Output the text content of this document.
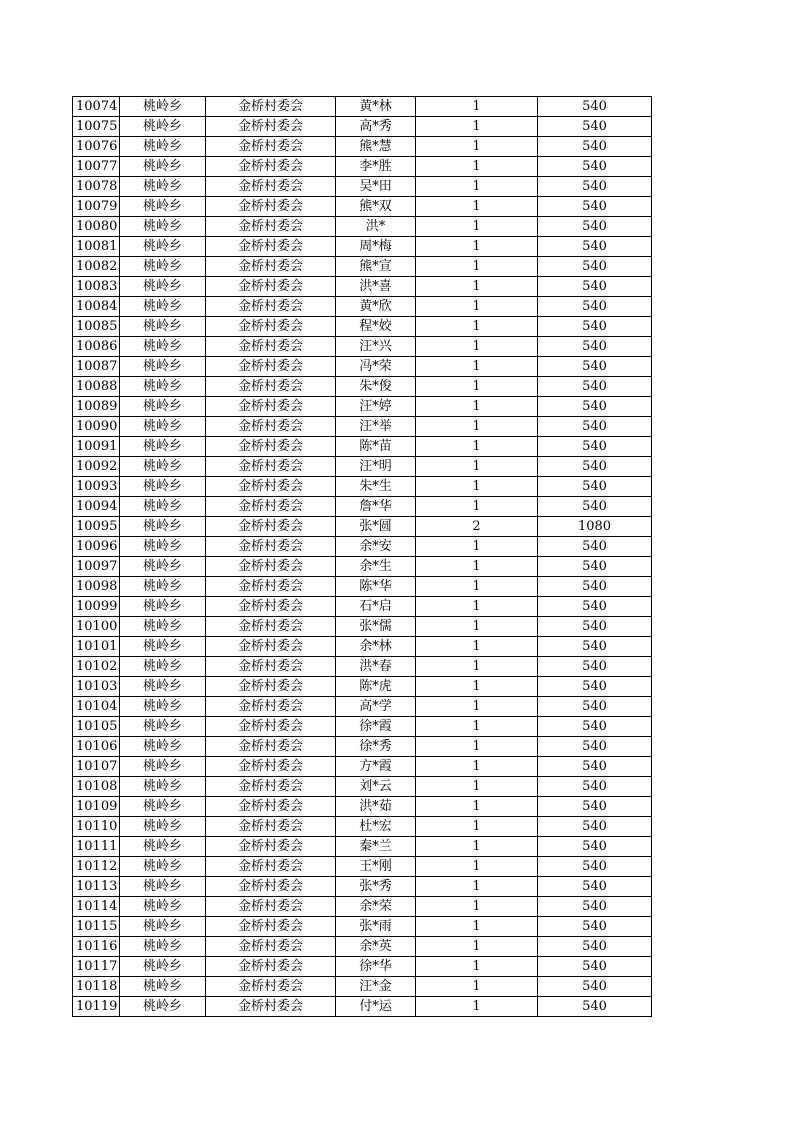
10074	桃岭乡	金桥村委会	黄*林	1	540
10075	桃岭乡	金桥村委会	高*秀	1	540
10076	桃岭乡	金桥村委会	熊*慧	1	540
10077	桃岭乡	金桥村委会	李*胜	1	540
10078	桃岭乡	金桥村委会	吴*田	1	540
10079	桃岭乡	金桥村委会	熊*双	1	540
10080	桃岭乡	金桥村委会	洪*	1	540
10081	桃岭乡	金桥村委会	周*梅	1	540
10082	桃岭乡	金桥村委会	熊*宣	1	540
10083	桃岭乡	金桥村委会	洪*喜	1	540
10084	桃岭乡	金桥村委会	黄*欣	1	540
10085	桃岭乡	金桥村委会	程*姣	1	540
10086	桃岭乡	金桥村委会	汪*兴	1	540
10087	桃岭乡	金桥村委会	冯*荣	1	540
10088	桃岭乡	金桥村委会	朱*俊	1	540
10089	桃岭乡	金桥村委会	汪*婷	1	540
10090	桃岭乡	金桥村委会	汪*举	1	540
10091	桃岭乡	金桥村委会	陈*苗	1	540
10092	桃岭乡	金桥村委会	汪*明	1	540
10093	桃岭乡	金桥村委会	朱*生	1	540
10094	桃岭乡	金桥村委会	詹*华	1	540
10095	桃岭乡	金桥村委会	张*圆	2	1080
10096	桃岭乡	金桥村委会	余*安	1	540
10097	桃岭乡	金桥村委会	余*生	1	540
10098	桃岭乡	金桥村委会	陈*华	1	540
10099	桃岭乡	金桥村委会	石*启	1	540
10100	桃岭乡	金桥村委会	张*儒	1	540
10101	桃岭乡	金桥村委会	余*林	1	540
10102	桃岭乡	金桥村委会	洪*春	1	540
10103	桃岭乡	金桥村委会	陈*虎	1	540
10104	桃岭乡	金桥村委会	高*学	1	540
10105	桃岭乡	金桥村委会	徐*霞	1	540
10106	桃岭乡	金桥村委会	徐*秀	1	540
10107	桃岭乡	金桥村委会	方*霞	1	540
10108	桃岭乡	金桥村委会	刘*云	1	540
10109	桃岭乡	金桥村委会	洪*茹	1	540
10110	桃岭乡	金桥村委会	杜*宏	1	540
10111	桃岭乡	金桥村委会	秦*兰	1	540
10112	桃岭乡	金桥村委会	王*刚	1	540
10113	桃岭乡	金桥村委会	张*秀	1	540
10114	桃岭乡	金桥村委会	余*荣	1	540
10115	桃岭乡	金桥村委会	张*雨	1	540
10116	桃岭乡	金桥村委会	余*英	1	540
10117	桃岭乡	金桥村委会	徐*华	1	540
10118	桃岭乡	金桥村委会	汪*金	1	540
10119	桃岭乡	金桥村委会	付*运	1	540
